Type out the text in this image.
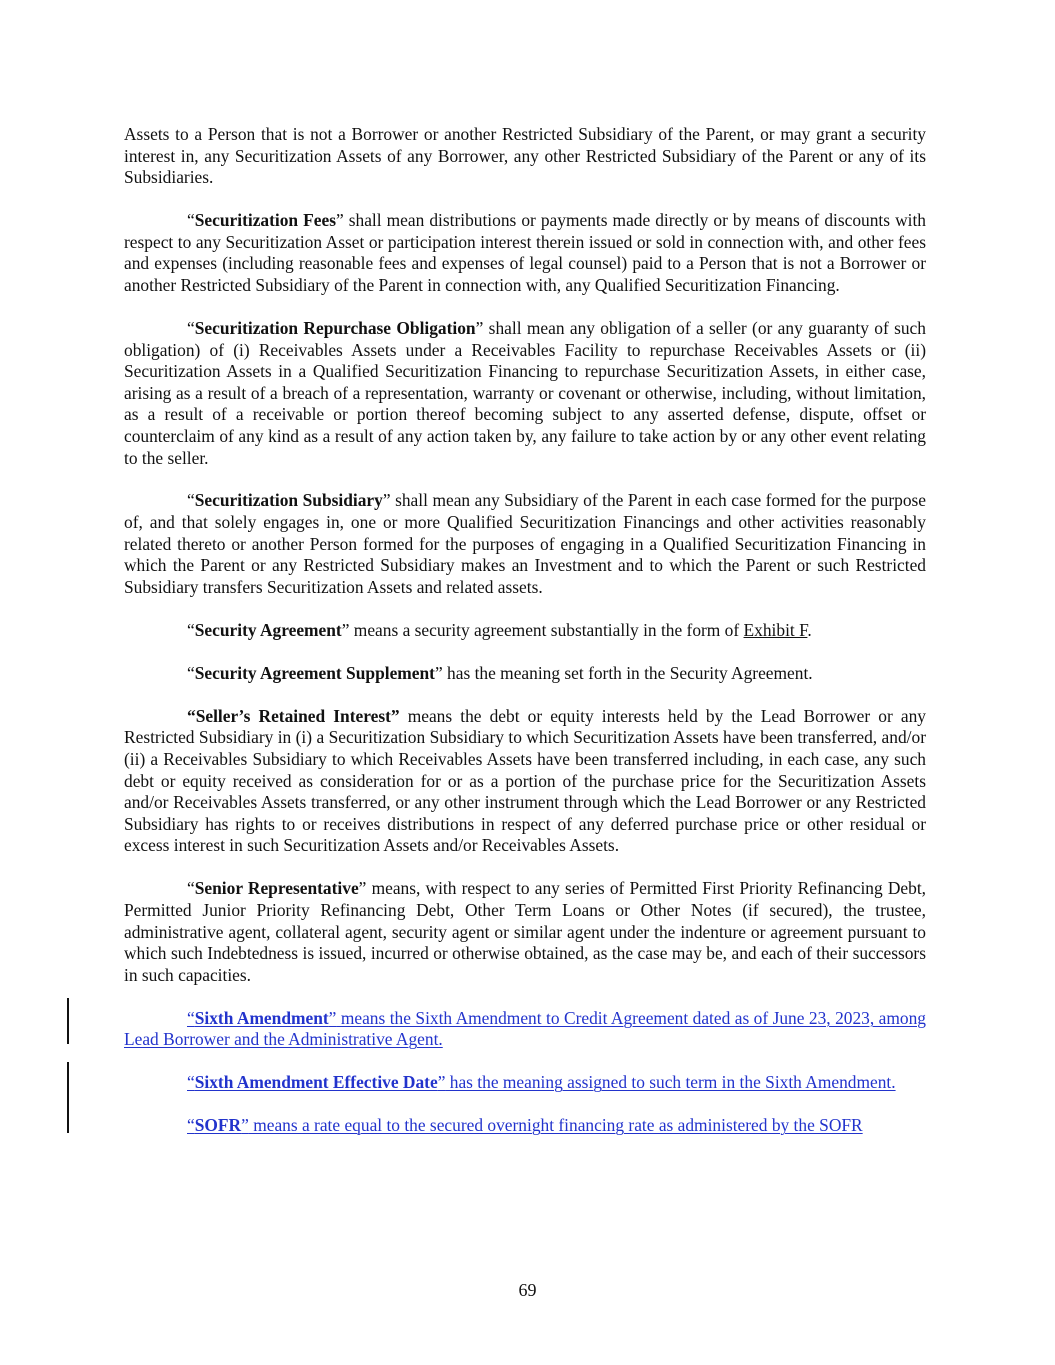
Assets to a Person that is not a Borrower or another Restricted Subsidiary of the Parent, or may grant a security interest in, any Securitization Assets of any Borrower, any other Restricted Subsidiary of the Parent or any of its Subsidiaries.

“Securitization Fees” shall mean distributions or payments made directly or by means of discounts with respect to any Securitization Asset or participation interest therein issued or sold in connection with, and other fees and expenses (including reasonable fees and expenses of legal counsel) paid to a Person that is not a Borrower or another Restricted Subsidiary of the Parent in connection with, any Qualified Securitization Financing.

“Securitization Repurchase Obligation” shall mean any obligation of a seller (or any guaranty of such obligation) of (i) Receivables Assets under a Receivables Facility to repurchase Receivables Assets or (ii) Securitization Assets in a Qualified Securitization Financing to repurchase Securitization Assets, in either case, arising as a result of a breach of a representation, warranty or covenant or otherwise, including, without limitation, as a result of a receivable or portion thereof becoming subject to any asserted defense, dispute, offset or counterclaim of any kind as a result of any action taken by, any failure to take action by or any other event relating to the seller.

“Securitization Subsidiary” shall mean any Subsidiary of the Parent in each case formed for the purpose of, and that solely engages in, one or more Qualified Securitization Financings and other activities reasonably related thereto or another Person formed for the purposes of engaging in a Qualified Securitization Financing in which the Parent or any Restricted Subsidiary makes an Investment and to which the Parent or such Restricted Subsidiary transfers Securitization Assets and related assets.

“Security Agreement” means a security agreement substantially in the form of Exhibit F.

“Security Agreement Supplement” has the meaning set forth in the Security Agreement.

“Seller’s Retained Interest” means the debt or equity interests held by the Lead Borrower or any Restricted Subsidiary in (i) a Securitization Subsidiary to which Securitization Assets have been transferred, and/or (ii) a Receivables Subsidiary to which Receivables Assets have been transferred including, in each case, any such debt or equity received as consideration for or as a portion of the purchase price for the Securitization Assets and/or Receivables Assets transferred, or any other instrument through which the Lead Borrower or any Restricted Subsidiary has rights to or receives distributions in respect of any deferred purchase price or other residual or excess interest in such Securitization Assets and/or Receivables Assets.

“Senior Representative” means, with respect to any series of Permitted First Priority Refinancing Debt, Permitted Junior Priority Refinancing Debt, Other Term Loans or Other Notes (if secured), the trustee, administrative agent, collateral agent, security agent or similar agent under the indenture or agreement pursuant to which such Indebtedness is issued, incurred or otherwise obtained, as the case may be, and each of their successors in such capacities.

“Sixth Amendment” means the Sixth Amendment to Credit Agreement dated as of June 23, 2023, among Lead Borrower and the Administrative Agent.

“Sixth Amendment Effective Date” has the meaning assigned to such term in the Sixth Amendment.

“SOFR” means a rate equal to the secured overnight financing rate as administered by the SOFR

69
